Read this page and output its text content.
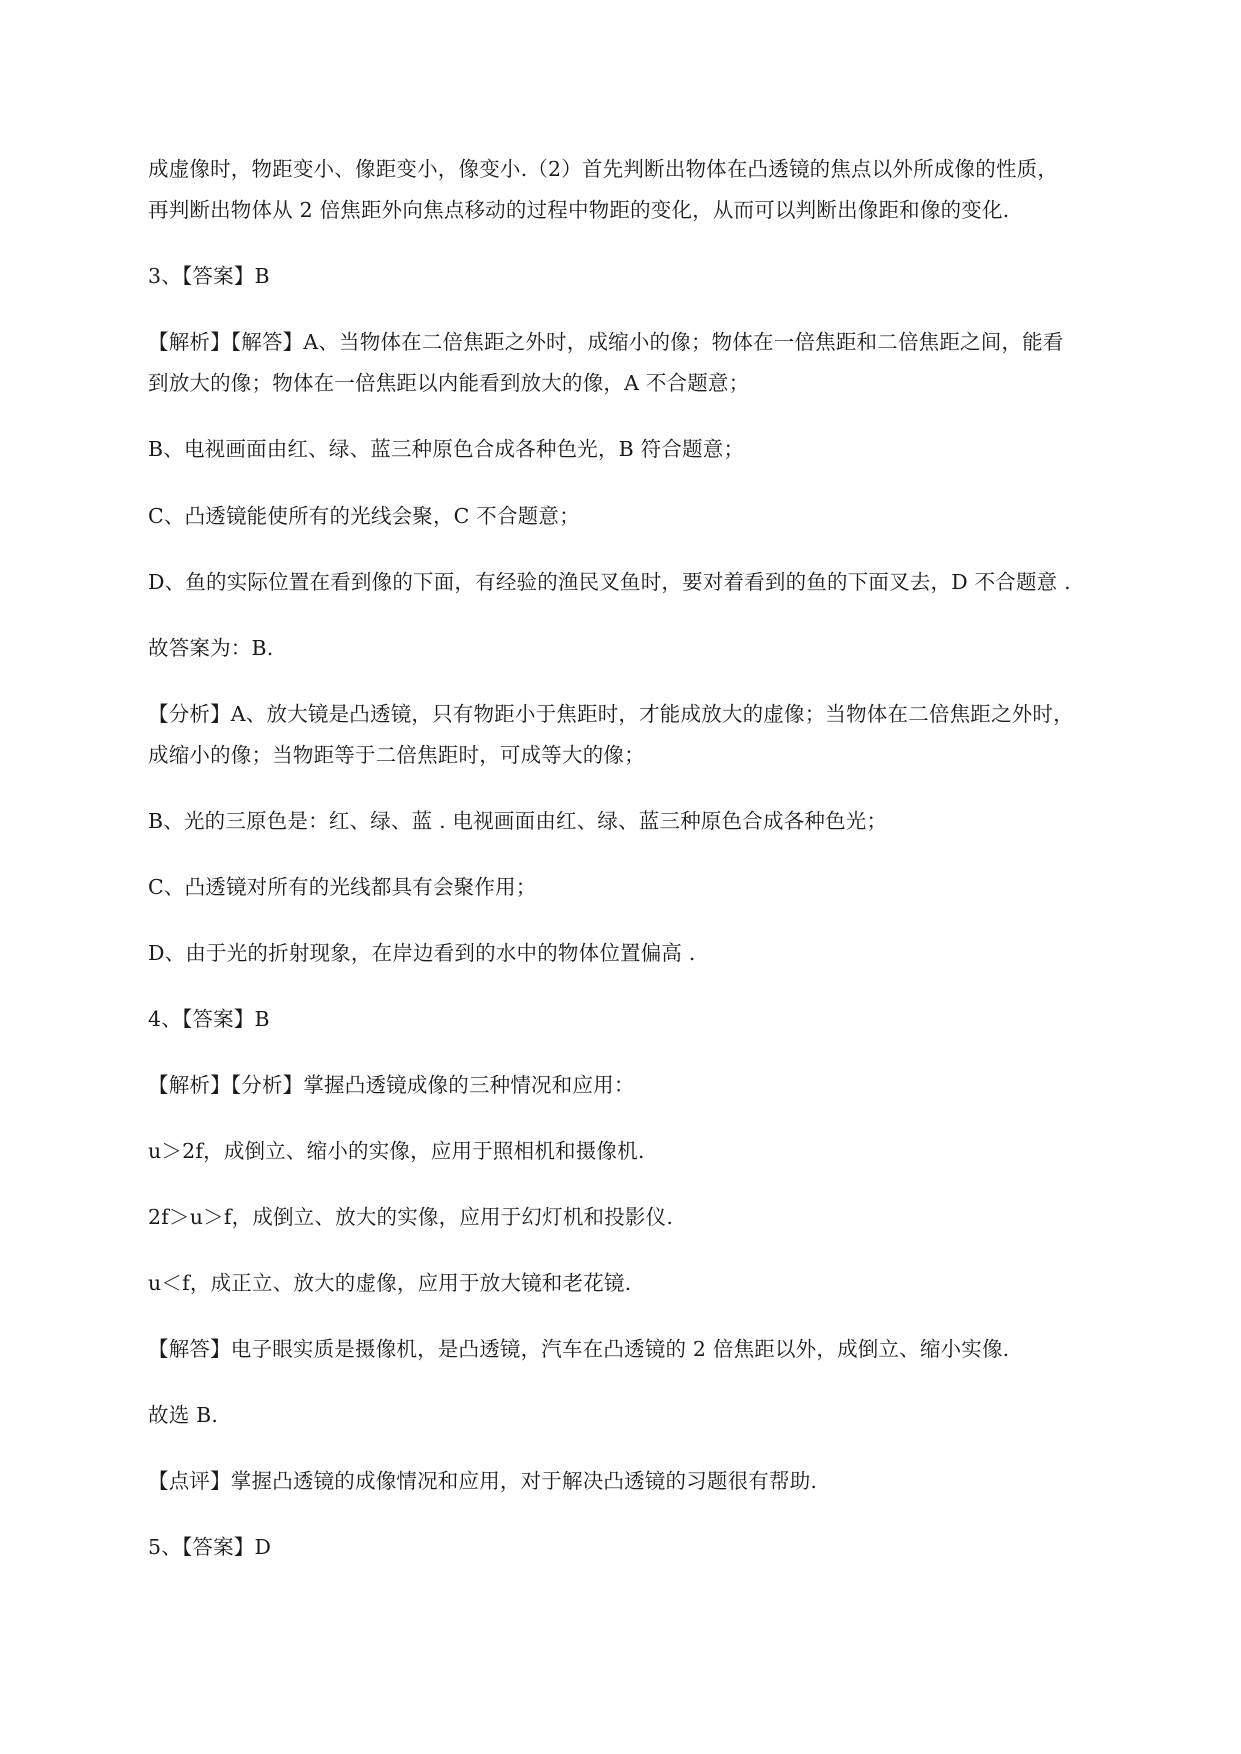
成虚像时，物距变小、像距变小，像变小.（2）首先判断出物体在凸透镜的焦点以外所成像的性质，
再判断出物体从 2 倍焦距外向焦点移动的过程中物距的变化，从而可以判断出像距和像的变化.
3、【答案】B
【解析】【解答】A、当物体在二倍焦距之外时，成缩小的像；物体在一倍焦距和二倍焦距之间，能看
到放大的像；物体在一倍焦距以内能看到放大的像，A 不合题意；
B、电视画面由红、绿、蓝三种原色合成各种色光，B 符合题意；
C、凸透镜能使所有的光线会聚，C 不合题意；
D、鱼的实际位置在看到像的下面，有经验的渔民叉鱼时，要对着看到的鱼的下面叉去，D 不合题意 .
故答案为：B.
【分析】A、放大镜是凸透镜，只有物距小于焦距时，才能成放大的虚像；当物体在二倍焦距之外时，
成缩小的像；当物距等于二倍焦距时，可成等大的像；
B、光的三原色是：红、绿、蓝 . 电视画面由红、绿、蓝三种原色合成各种色光；
C、凸透镜对所有的光线都具有会聚作用；
D、由于光的折射现象，在岸边看到的水中的物体位置偏高 .
4、【答案】B
【解析】【分析】掌握凸透镜成像的三种情况和应用：
u＞2f，成倒立、缩小的实像，应用于照相机和摄像机.
2f＞u＞f，成倒立、放大的实像，应用于幻灯机和投影仪.
u＜f，成正立、放大的虚像，应用于放大镜和老花镜.
【解答】电子眼实质是摄像机，是凸透镜，汽车在凸透镜的 2 倍焦距以外，成倒立、缩小实像.
故选 B.
【点评】掌握凸透镜的成像情况和应用，对于解决凸透镜的习题很有帮助.
5、【答案】D
